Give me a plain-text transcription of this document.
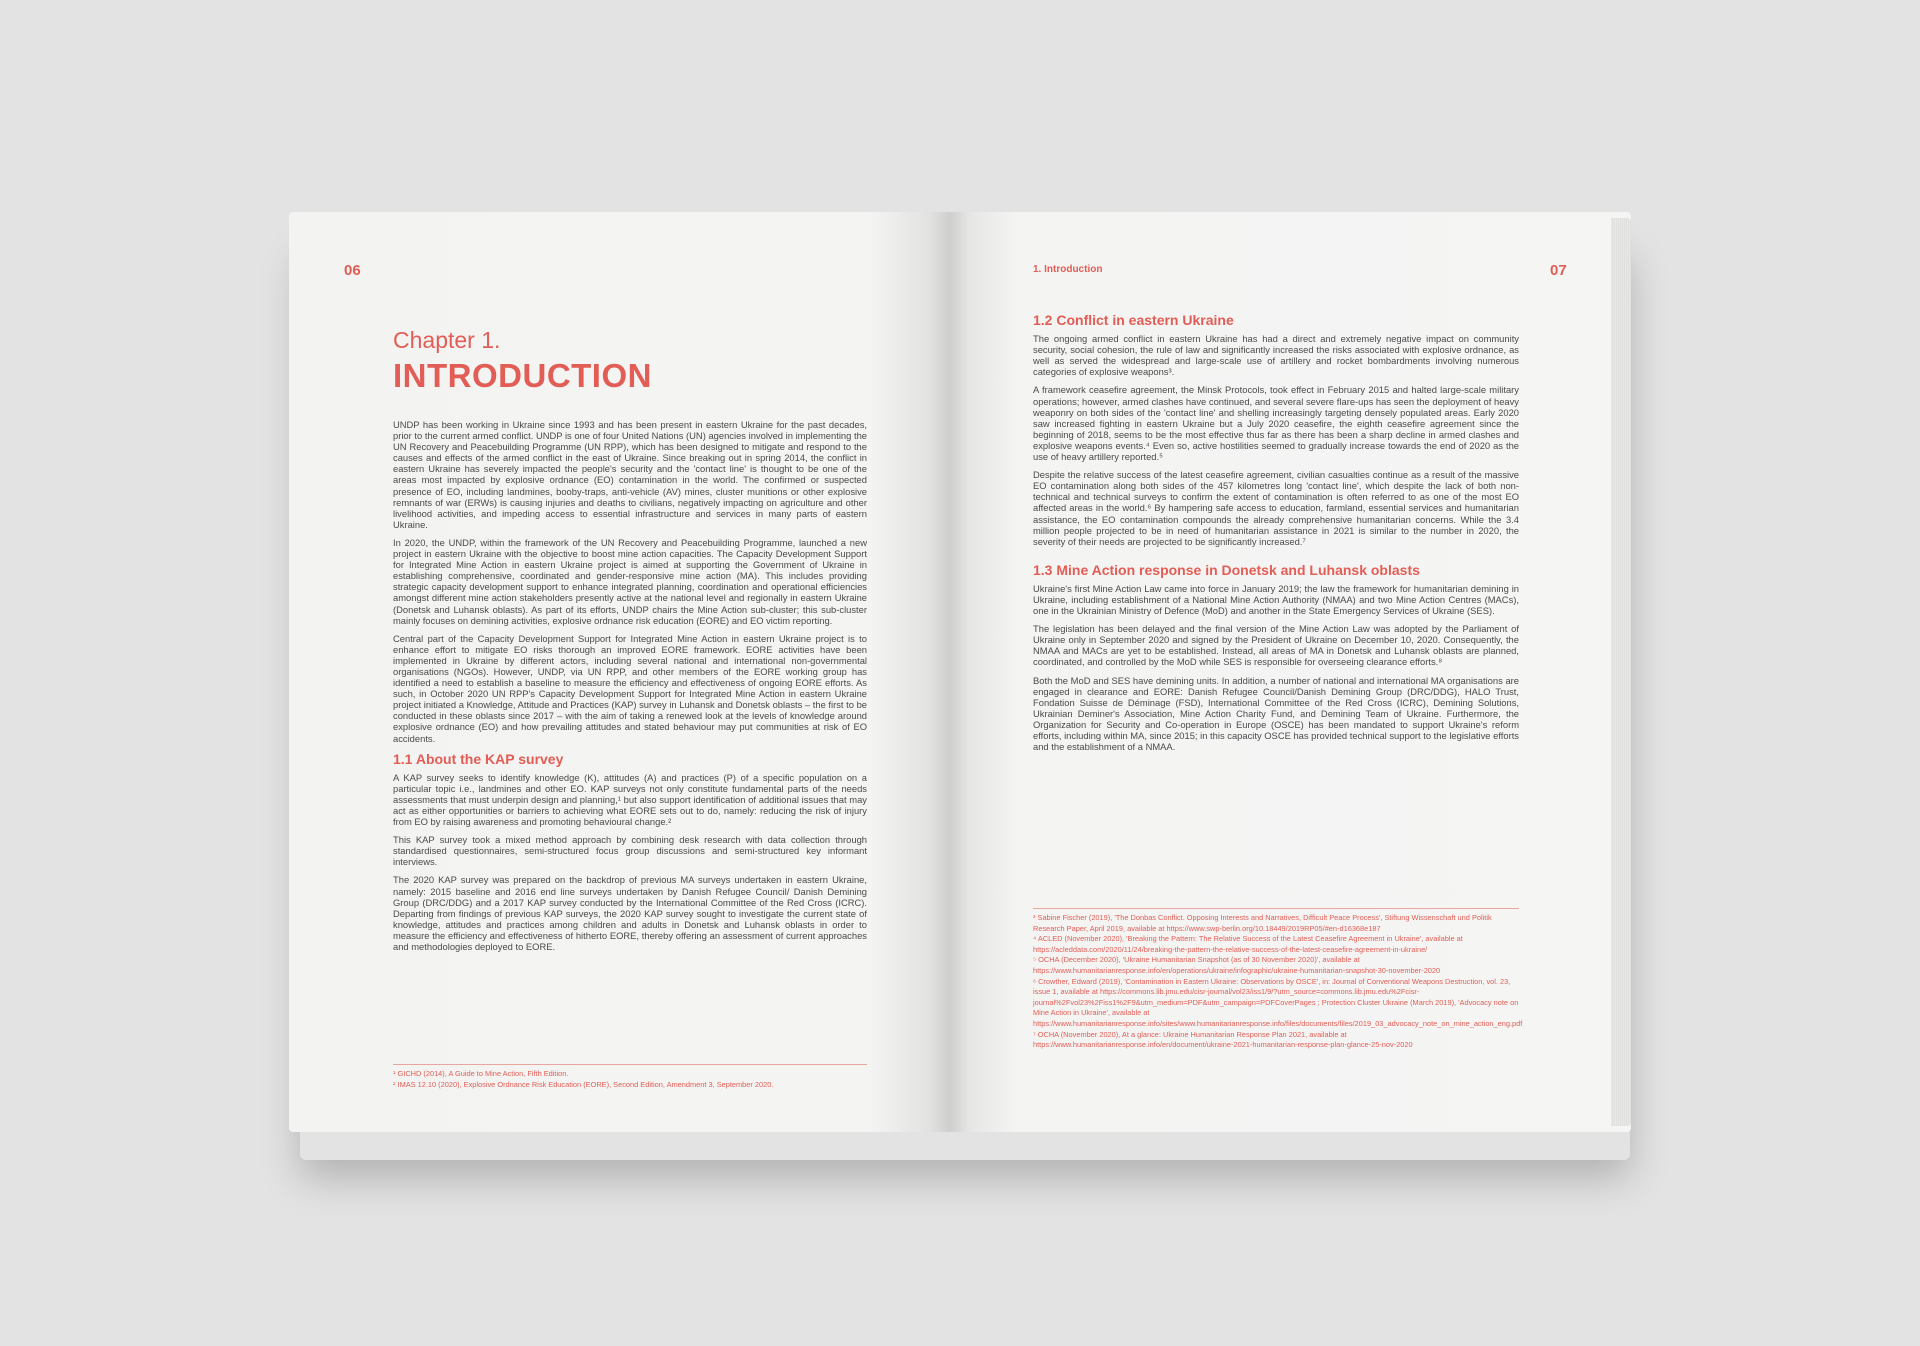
06
Chapter 1.
INTRODUCTION

UNDP has been working in Ukraine since 1993 and has been present in eastern Ukraine for the past decades, prior to the current armed conflict. UNDP is one of four United Nations (UN) agencies involved in implementing the UN Recovery and Peacebuilding Programme (UN RPP), which has been designed to mitigate and respond to the causes and effects of the armed conflict in the east of Ukraine. Since breaking out in spring 2014, the conflict in eastern Ukraine has severely impacted the people's security and the 'contact line' is thought to be one of the areas most impacted by explosive ordnance (EO) contamination in the world. The confirmed or suspected presence of EO, including landmines, booby-traps, anti-vehicle (AV) mines, cluster munitions or other explosive remnants of war (ERWs) is causing injuries and deaths to civilians, negatively impacting on agriculture and other livelihood activities, and impeding access to essential infrastructure and services in many parts of eastern Ukraine.

In 2020, the UNDP, within the framework of the UN Recovery and Peacebuilding Programme, launched a new project in eastern Ukraine with the objective to boost mine action capacities. The Capacity Development Support for Integrated Mine Action in eastern Ukraine project is aimed at supporting the Government of Ukraine in establishing comprehensive, coordinated and gender-responsive mine action (MA). This includes providing strategic capacity development support to enhance integrated planning, coordination and operational efficiencies amongst different mine action stakeholders presently active at the national level and regionally in eastern Ukraine (Donetsk and Luhansk oblasts). As part of its efforts, UNDP chairs the Mine Action sub-cluster; this sub-cluster mainly focuses on demining activities, explosive ordnance risk education (EORE) and EO victim reporting.

Central part of the Capacity Development Support for Integrated Mine Action in eastern Ukraine project is to enhance effort to mitigate EO risks thorough an improved EORE framework. EORE activities have been implemented in Ukraine by different actors, including several national and international non-governmental organisations (NGOs). However, UNDP, via UN RPP, and other members of the EORE working group has identified a need to establish a baseline to measure the efficiency and effectiveness of ongoing EORE efforts. As such, in October 2020 UN RPP's Capacity Development Support for Integrated Mine Action in eastern Ukraine project initiated a Knowledge, Attitude and Practices (KAP) survey in Luhansk and Donetsk oblasts – the first to be conducted in these oblasts since 2017 – with the aim of taking a renewed look at the levels of knowledge around explosive ordnance (EO) and how prevailing attitudes and stated behaviour may put communities at risk of EO accidents.

1.1 About the KAP survey

A KAP survey seeks to identify knowledge (K), attitudes (A) and practices (P) of a specific population on a particular topic i.e., landmines and other EO. KAP surveys not only constitute fundamental parts of the needs assessments that must underpin design and planning,¹ but also support identification of additional issues that may act as either opportunities or barriers to achieving what EORE sets out to do, namely: reducing the risk of injury from EO by raising awareness and promoting behavioural change.²

This KAP survey took a mixed method approach by combining desk research with data collection through standardised questionnaires, semi-structured focus group discussions and semi-structured key informant interviews.

The 2020 KAP survey was prepared on the backdrop of previous MA surveys undertaken in eastern Ukraine, namely: 2015 baseline and 2016 end line surveys undertaken by Danish Refugee Council/ Danish Demining Group (DRC/DDG) and a 2017 KAP survey conducted by the International Committee of the Red Cross (ICRC). Departing from findings of previous KAP surveys, the 2020 KAP survey sought to investigate the current state of knowledge, attitudes and practices among children and adults in Donetsk and Luhansk oblasts in order to measure the efficiency and effectiveness of hitherto EORE, thereby offering an assessment of current approaches and methodologies deployed to EORE.

¹ GICHD (2014), A Guide to Mine Action, Fifth Edition.
² IMAS 12.10 (2020), Explosive Ordnance Risk Education (EORE), Second Edition, Amendment 3, September 2020.
1. Introduction	07
1.2 Conflict in eastern Ukraine

The ongoing armed conflict in eastern Ukraine has had a direct and extremely negative impact on community security, social cohesion, the rule of law and significantly increased the risks associated with explosive ordnance, as well as served the widespread and large-scale use of artillery and rocket bombardments involving numerous categories of explosive weapons³.

A framework ceasefire agreement, the Minsk Protocols, took effect in February 2015 and halted large-scale military operations; however, armed clashes have continued, and several severe flare-ups has seen the deployment of heavy weaponry on both sides of the 'contact line' and shelling increasingly targeting densely populated areas. Early 2020 saw increased fighting in eastern Ukraine but a July 2020 ceasefire, the eighth ceasefire agreement since the beginning of 2018, seems to be the most effective thus far as there has been a sharp decline in armed clashes and explosive weapons events.⁴ Even so, active hostilities seemed to gradually increase towards the end of 2020 as the use of heavy artillery reported.⁵

Despite the relative success of the latest ceasefire agreement, civilian casualties continue as a result of the massive EO contamination along both sides of the 457 kilometres long 'contact line', which despite the lack of both non-technical and technical surveys to confirm the extent of contamination is often referred to as one of the most EO affected areas in the world.⁶ By hampering safe access to education, farmland, essential services and humanitarian assistance, the EO contamination compounds the already comprehensive humanitarian concerns. While the 3.4 million people projected to be in need of humanitarian assistance in 2021 is similar to the number in 2020, the severity of their needs are projected to be significantly increased.⁷

1.3 Mine Action response in Donetsk and Luhansk oblasts

Ukraine's first Mine Action Law came into force in January 2019; the law the framework for humanitarian demining in Ukraine, including establishment of a National Mine Action Authority (NMAA) and two Mine Action Centres (MACs), one in the Ukrainian Ministry of Defence (MoD) and another in the State Emergency Services of Ukraine (SES).

The legislation has been delayed and the final version of the Mine Action Law was adopted by the Parliament of Ukraine only in September 2020 and signed by the President of Ukraine on December 10, 2020. Consequently, the NMAA and MACs are yet to be established. Instead, all areas of MA in Donetsk and Luhansk oblasts are planned, coordinated, and controlled by the MoD while SES is responsible for overseeing clearance efforts.⁸

Both the MoD and SES have demining units. In addition, a number of national and international MA organisations are engaged in clearance and EORE: Danish Refugee Council/Danish Demining Group (DRC/DDG), HALO Trust, Fondation Suisse de Déminage (FSD), International Committee of the Red Cross (ICRC), Demining Solutions, Ukrainian Deminer's Association, Mine Action Charity Fund, and Demining Team of Ukraine. Furthermore, the Organization for Security and Co-operation in Europe (OSCE) has been mandated to support Ukraine's reform efforts, including within MA, since 2015; in this capacity OSCE has provided technical support to the legislative efforts and the establishment of a NMAA.

³ Sabine Fischer (2019), 'The Donbas Conflict. Opposing Interests and Narratives, Difficult Peace Process', Stiftung Wissenschaft und Politik Research Paper, April 2019, available at https://www.swp-berlin.org/10.18449/2019RP05/#en-d16368e187
⁴ ACLED (November 2020), 'Breaking the Pattern: The Relative Success of the Latest Ceasefire Agreement in Ukraine', available at https://acleddata.com/2020/11/24/breaking-the-pattern-the-relative-success-of-the-latest-ceasefire-agreement-in-ukraine/
⁵ OCHA (December 2020), 'Ukraine Humanitarian Snapshot (as of 30 November 2020)', available at https://www.humanitarianresponse.info/en/operations/ukraine/infographic/ukraine-humanitarian-snapshot-30-november-2020
⁶ Crowther, Edward (2019), 'Contamination in Eastern Ukraine: Observations by OSCE', in: Journal of Conventional Weapons Destruction, vol. 23, issue 1, available at https://commons.lib.jmu.edu/cisr-journal/vol23/iss1/9/?utm_source=commons.lib.jmu.edu%2Fcisr-journal%2Fvol23%2Fiss1%2F9&utm_medium=PDF&utm_campaign=PDFCoverPages ; Protection Cluster Ukraine (March 2019), 'Advocacy note on Mine Action in Ukraine', available at https://www.humanitarianresponse.info/sites/www.humanitarianresponse.info/files/documents/files/2019_03_advocacy_note_on_mine_action_eng.pdf
⁷ OCHA (November 2020), At a glance: Ukraine Humanitarian Response Plan 2021, available at https://www.humanitarianresponse.info/en/document/ukraine-2021-humanitarian-response-plan-glance-25-nov-2020
